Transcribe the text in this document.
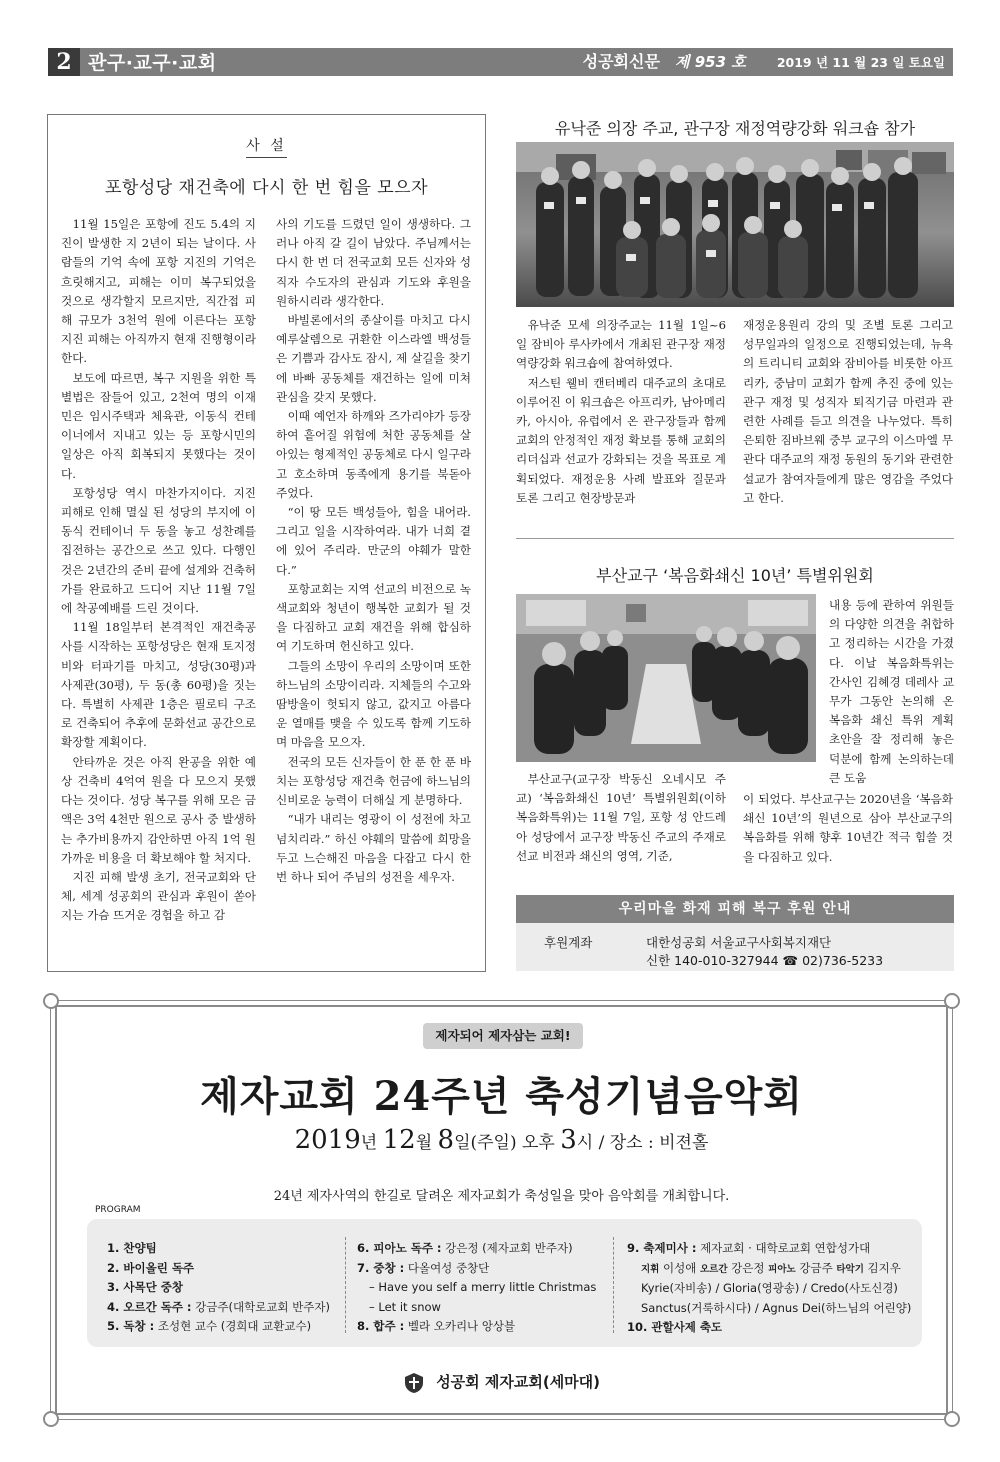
2 관구·교구·교회	성공회신문 제 953 호 2019 년 11 월 23 일 토요일
사 설
포항성당 재건축에 다시 한 번 힘을 모으자

11월 15일은 포항에 진도 5.4의 지진이 발생한 지 2년이 되는 날이다. 사람들의 기억 속에 포항 지진의 기억은 흐릿해지고, 피해는 이미 복구되었을 것으로 생각할지 모르지만, 직간접 피해 규모가 3천억 원에 이른다는 포항 지진 피해는 아직까지 현재 진행형이라 한다.

보도에 따르면, 복구 지원을 위한 특별법은 잠들어 있고, 2천여 명의 이재민은 임시주택과 체육관, 이동식 컨테이너에서 지내고 있는 등 포항시민의 일상은 아직 회복되지 못했다는 것이다.

포항성당 역시 마찬가지이다. 지진 피해로 인해 멸실 된 성당의 부지에 이동식 컨테이너 두 동을 놓고 성찬례를 집전하는 공간으로 쓰고 있다. 다행인 것은 2년간의 준비 끝에 설계와 건축허가를 완료하고 드디어 지난 11월 7일에 착공예배를 드린 것이다.

11월 18일부터 본격적인 재건축공사를 시작하는 포항성당은 현재 토지정비와 터파기를 마치고, 성당(30평)과 사제관(30평), 두 동(총 60평)을 짓는다. 특별히 사제관 1층은 필로티 구조로 건축되어 추후에 문화선교 공간으로 확장할 계획이다.

안타까운 것은 아직 완공을 위한 예상 건축비 4억여 원을 다 모으지 못했다는 것이다. 성당 복구를 위해 모은 금액은 3억 4천만 원으로 공사 중 발생하는 추가비용까지 감안하면 아직 1억 원 가까운 비용을 더 확보해야 할 처지다.

지진 피해 발생 초기, 전국교회와 단체, 세계 성공회의 관심과 후원이 쏟아지는 가슴 뜨거운 경험을 하고 감

사의 기도를 드렸던 일이 생생하다. 그러나 아직 갈 길이 남았다. 주님께서는 다시 한 번 더 전국교회 모든 신자와 성직자 수도자의 관심과 기도와 후원을 원하시리라 생각한다.

바빌론에서의 종살이를 마치고 다시 예루살렘으로 귀환한 이스라엘 백성들은 기쁨과 감사도 잠시, 제 살길을 찾기에 바빠 공동체를 재건하는 일에 미쳐 관심을 갖지 못했다.

이때 예언자 하깨와 즈가리야가 등장하여 흩어질 위험에 처한 공동체를 살아있는 형제적인 공동체로 다시 일구라고 호소하며 동족에게 용기를 북돋아 주었다.

“이 땅 모든 백성들아, 힘을 내어라. 그리고 일을 시작하여라. 내가 너희 곁에 있어 주리라. 만군의 야훼가 말한다.”

포항교회는 지역 선교의 비전으로 녹색교회와 청년이 행복한 교회가 될 것을 다짐하고 교회 재건을 위해 합심하여 기도하며 헌신하고 있다.

그들의 소망이 우리의 소망이며 또한 하느님의 소망이리라. 지체들의 수고와 땀방울이 헛되지 않고, 값지고 아름다운 열매를 맺을 수 있도록 함께 기도하며 마음을 모으자.

전국의 모든 신자들이 한 푼 한 푼 바치는 포항성당 재건축 헌금에 하느님의 신비로운 능력이 더해실 게 분명하다.

“내가 내리는 영광이 이 성전에 차고 넘치리라.” 하신 야훼의 말씀에 희망을 두고 느슨해진 마음을 다잡고 다시 한 번 하나 되어 주님의 성전을 세우자.

유낙준 의장 주교, 관구장 재정역량강화 워크숍 참가

유낙준 모세 의장주교는 11월 1일~6일 잠비아 루사카에서 개최된 관구장 재정역량강화 워크숍에 참여하였다.

저스틴 웰비 캔터베리 대주교의 초대로 이루어진 이 워크숍은 아프리카, 남아메리카, 아시아, 유럽에서 온 관구장들과 함께 교회의 안정적인 재정 확보를 통해 교회의 리더십과 선교가 강화되는 것을 목표로 계획되었다. 재정운용 사례 발표와 질문과 토론 그리고 현장방문과

재정운용원리 강의 및 조별 토론 그리고 성무일과의 일정으로 진행되었는데, 뉴욕의 트리니티 교회와 잠비아를 비롯한 아프리카, 중남미 교회가 함께 추진 중에 있는 관구 재정 및 성직자 퇴직기금 마련과 관련한 사례를 듣고 의견을 나누었다. 특히 은퇴한 짐바브웨 중부 교구의 이스마엘 무관다 대주교의 재정 동원의 동기와 관련한 설교가 참여자들에게 많은 영감을 주었다고 한다.

부산교구 ‘복음화쇄신 10년’ 특별위원회

내용 등에 관하여 위원들의 다양한 의견을 취합하고 정리하는 시간을 가졌다. 이날 복음화특위는 간사인 김혜경 데레사 교무가 그동안 논의해 온 복음화 쇄신 특위 계획 초안을 잘 정리해 놓은 덕분에 함께 논의하는데 큰 도움

부산교구(교구장 박동신 오네시모 주교) ‘복음화쇄신 10년’ 특별위원회(이하 복음화특위)는 11월 7일, 포항 성 안드레아 성당에서 교구장 박동신 주교의 주재로 선교 비전과 쇄신의 영역, 기준,

이 되었다. 부산교구는 2020년을 ‘복음화쇄신 10년’의 원년으로 삼아 부산교구의 복음화를 위해 향후 10년간 적극 힘쓸 것을 다짐하고 있다.

우리마을 화재 피해 복구 후원 안내
후원계좌	대한성공회 서울교구사회복지재단
신한 140-010-327944 ☎ 02)736-5233
제자되어 제자삼는 교회!
제자교회 24주년 축성기념음악회
2019년 12월 8일(주일) 오후 3시 / 장소 : 비젼홀
24년 제자사역의 한길로 달려온 제자교회가 축성일을 맞아 음악회를 개최합니다.
PROGRAM
1. 찬양팀
2. 바이올린 독주
3. 사목단 중창
4. 오르간 독주 : 강금주(대학로교회 반주자)
5. 독창 : 조성현 교수 (경희대 교환교수)
6. 피아노 독주 : 강은정 (제자교회 반주자)
7. 중창 : 다올여성 중창단
– Have you self a merry little Christmas
– Let it snow
8. 합주 : 벨라 오카리나 앙상블
9. 축제미사 : 제자교회 · 대학로교회 연합성가대
지휘 이성애 오르간 강은정 피아노 강금주 타악기 김지우
Kyrie(자비송) / Gloria(영광송) / Credo(사도신경)
Sanctus(거룩하시다) / Agnus Dei(하느님의 어린양)
10. 관할사제 축도
성공회 제자교회(세마대)
